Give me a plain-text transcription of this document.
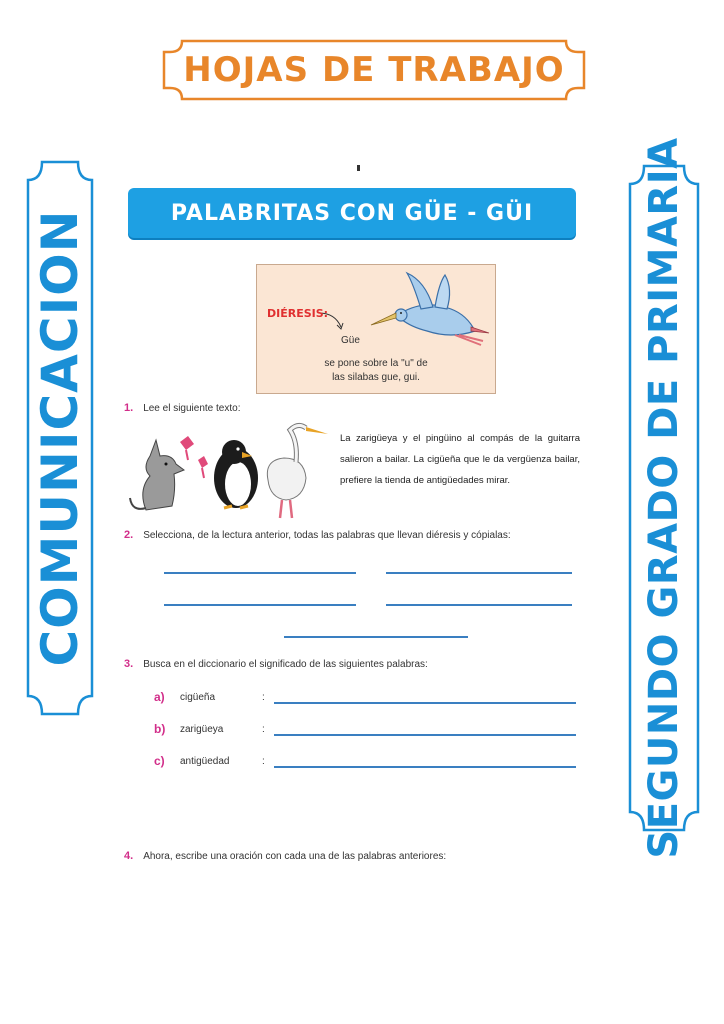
HOJAS DE TRABAJO
COMUNICACION	SEGUNDO GRADO DE PRIMARIA
PALABRITAS CON GÜE - GÜI
DIÉRESIS:
Güe
se pone sobre la "u" de
las silabas gue, gui.
1. Lee el siguiente texto:
La zarigüeya y el pingüino al compás de la guitarra salieron a bailar. La cigüeña que le da vergüenza bailar, prefiere la tienda de antigüedades mirar.
2. Selecciona, de la lectura anterior, todas las palabras que llevan diéresis y cópialas:
3. Busca en el diccionario el significado de las siguientes palabras:
a)	cigüeña	:
b)	zarigüeya	:
c)	antigüedad	:
4. Ahora, escribe una oración con cada una de las palabras anteriores:
